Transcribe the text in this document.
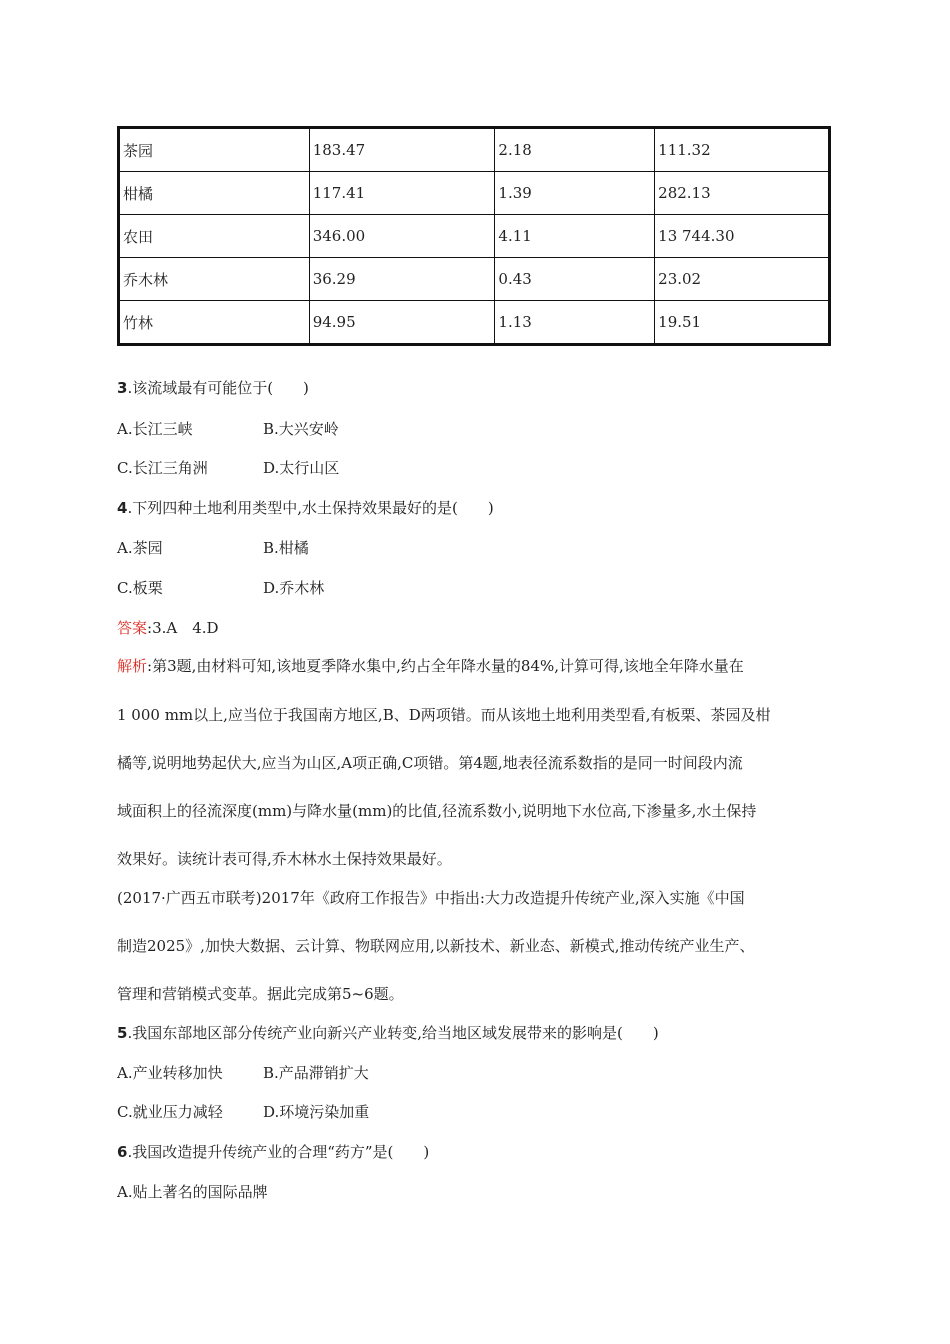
茶园	183.47	2.18	111.32
柑橘	117.41	1.39	282.13
农田	346.00	4.11	13 744.30
乔木林	36.29	0.43	23.02
竹林	94.95	1.13	19.51
3.该流域最有可能位于(　　)
A.长江三峡	B.大兴安岭
C.长江三角洲	D.太行山区
4.下列四种土地利用类型中,水土保持效果最好的是(　　)
A.茶园	B.柑橘
C.板栗	D.乔木林
答案:3.A　4.D
解析:第3题,由材料可知,该地夏季降水集中,约占全年降水量的84%,计算可得,该地全年降水量在
1 000 mm以上,应当位于我国南方地区,B、D两项错。而从该地土地利用类型看,有板栗、茶园及柑
橘等,说明地势起伏大,应当为山区,A项正确,C项错。第4题,地表径流系数指的是同一时间段内流
域面积上的径流深度(mm)与降水量(mm)的比值,径流系数小,说明地下水位高,下渗量多,水土保持
效果好。读统计表可得,乔木林水土保持效果最好。
(2017·广西五市联考)2017年《政府工作报告》中指出:大力改造提升传统产业,深入实施《中国
制造2025》,加快大数据、云计算、物联网应用,以新技术、新业态、新模式,推动传统产业生产、
管理和营销模式变革。据此完成第5~6题。
5.我国东部地区部分传统产业向新兴产业转变,给当地区域发展带来的影响是(　　)
A.产业转移加快	B.产品滞销扩大
C.就业压力减轻	D.环境污染加重
6.我国改造提升传统产业的合理“药方”是(　　)
A.贴上著名的国际品牌
